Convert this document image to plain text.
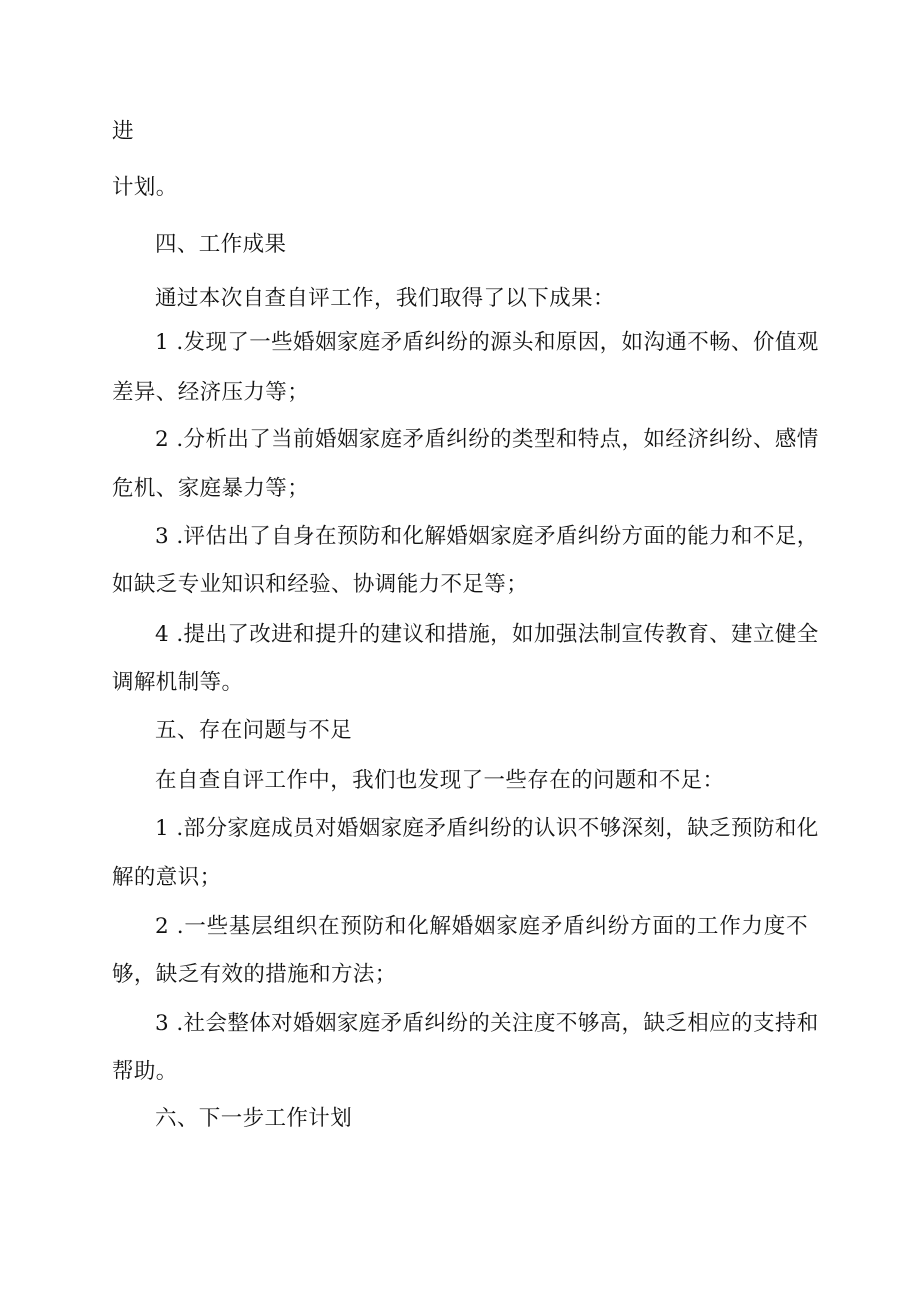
进
计划。
四、工作成果
通过本次自查自评工作，我们取得了以下成果：
1 .发现了一些婚姻家庭矛盾纠纷的源头和原因，如沟通不畅、价值观
差异、经济压力等；
2 .分析出了当前婚姻家庭矛盾纠纷的类型和特点，如经济纠纷、感情
危机、家庭暴力等；
3 .评估出了自身在预防和化解婚姻家庭矛盾纠纷方面的能力和不足，
如缺乏专业知识和经验、协调能力不足等；
4 .提出了改进和提升的建议和措施，如加强法制宣传教育、建立健全
调解机制等。
五、存在问题与不足
在自查自评工作中，我们也发现了一些存在的问题和不足：
1 .部分家庭成员对婚姻家庭矛盾纠纷的认识不够深刻，缺乏预防和化
解的意识；
2 .一些基层组织在预防和化解婚姻家庭矛盾纠纷方面的工作力度不
够，缺乏有效的措施和方法；
3 .社会整体对婚姻家庭矛盾纠纷的关注度不够高，缺乏相应的支持和
帮助。
六、下一步工作计划
